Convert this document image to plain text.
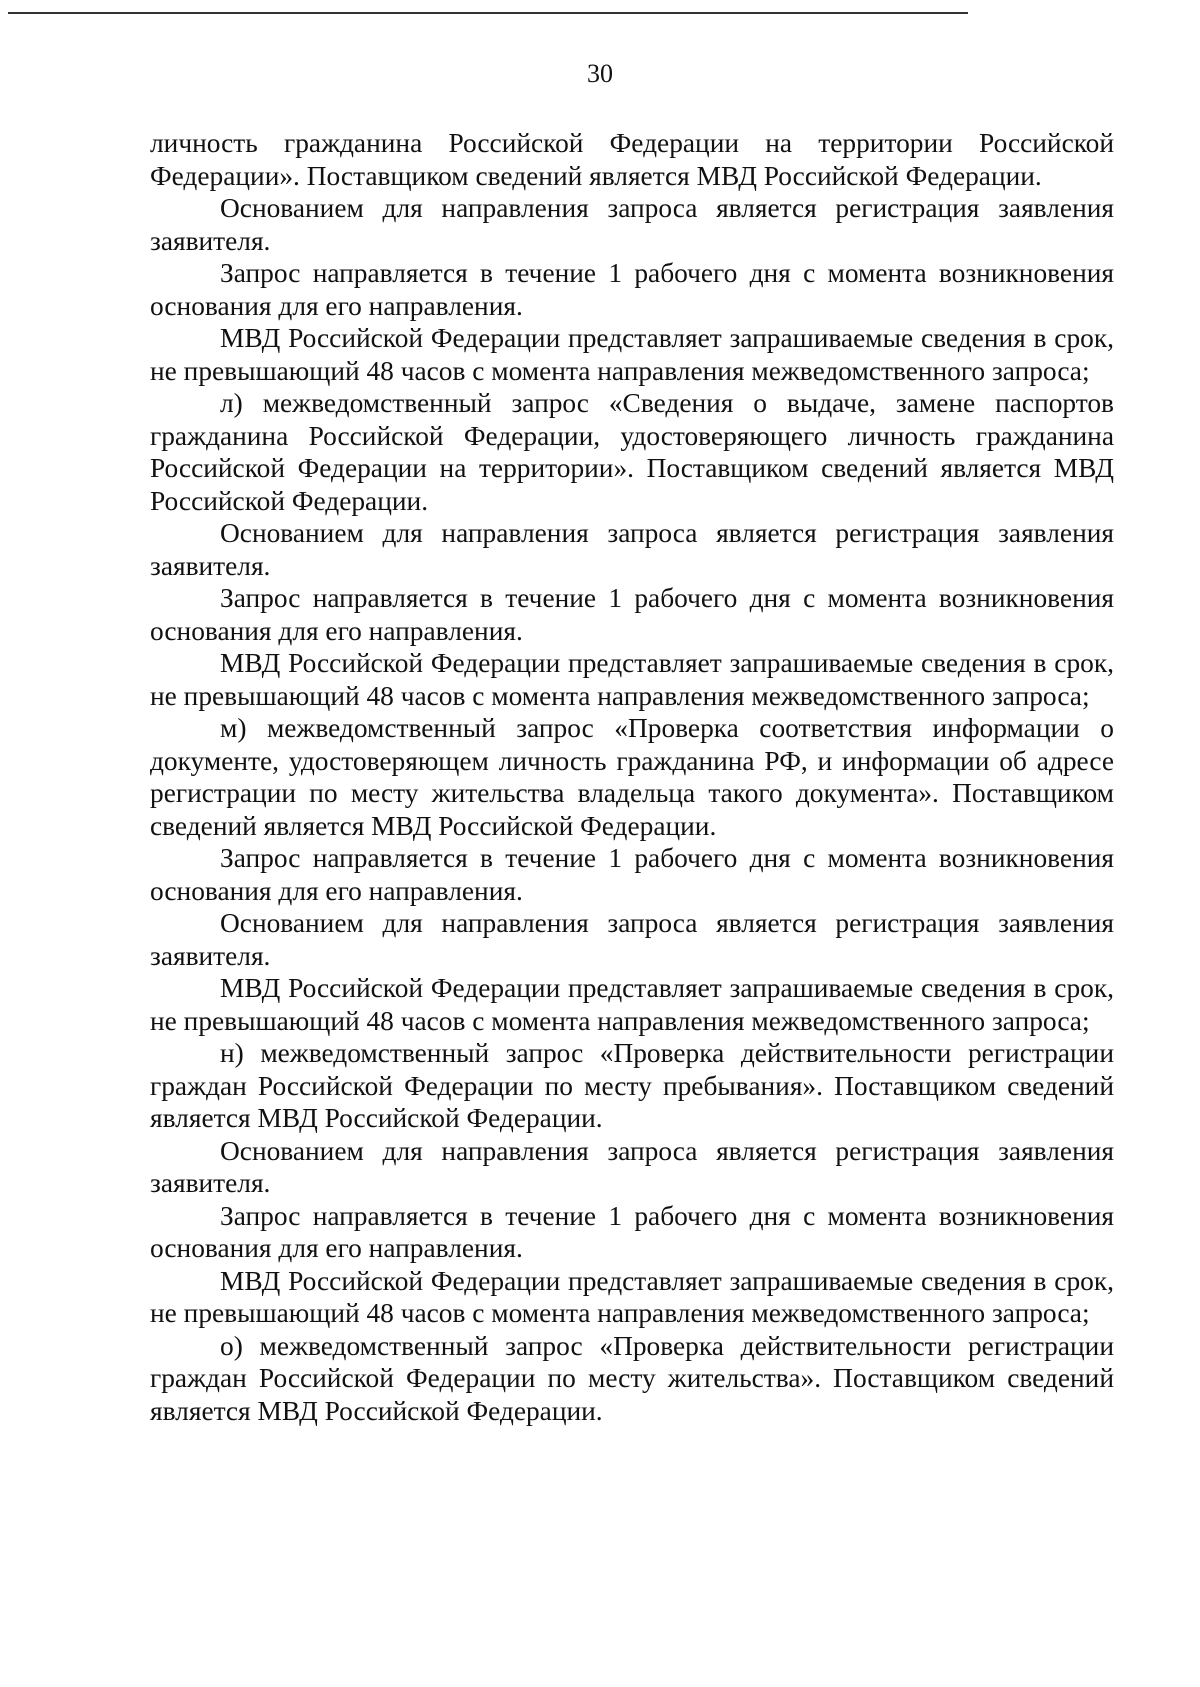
30

личность гражданина Российской Федерации на территории Российской Федерации». Поставщиком сведений является МВД Российской Федерации.

Основанием для направления запроса является регистрация заявления заявителя.

Запрос направляется в течение 1 рабочего дня с момента возникновения основания для его направления.

МВД Российской Федерации представляет запрашиваемые сведения в срок, не превышающий 48 часов с момента направления межведомственного запроса;

л) межведомственный запрос «Сведения о выдаче, замене паспортов гражданина Российской Федерации, удостоверяющего личность гражданина Российской Федерации на территории». Поставщиком сведений является МВД Российской Федерации.

Основанием для направления запроса является регистрация заявления заявителя.

Запрос направляется в течение 1 рабочего дня с момента возникновения основания для его направления.

МВД Российской Федерации представляет запрашиваемые сведения в срок, не превышающий 48 часов с момента направления межведомственного запроса;

м) межведомственный запрос «Проверка соответствия информации о документе, удостоверяющем личность гражданина РФ, и информации об адресе регистрации по месту жительства владельца такого документа». Поставщиком сведений является МВД Российской Федерации.

Запрос направляется в течение 1 рабочего дня с момента возникновения основания для его направления.

Основанием для направления запроса является регистрация заявления заявителя.

МВД Российской Федерации представляет запрашиваемые сведения в срок, не превышающий 48 часов с момента направления межведомственного запроса;

н) межведомственный запрос «Проверка действительности регистрации граждан Российской Федерации по месту пребывания». Поставщиком сведений является МВД Российской Федерации.

Основанием для направления запроса является регистрация заявления заявителя.

Запрос направляется в течение 1 рабочего дня с момента возникновения основания для его направления.

МВД Российской Федерации представляет запрашиваемые сведения в срок, не превышающий 48 часов с момента направления межведомственного запроса;

о) межведомственный запрос «Проверка действительности регистрации граждан Российской Федерации по месту жительства». Поставщиком сведений является МВД Российской Федерации.
